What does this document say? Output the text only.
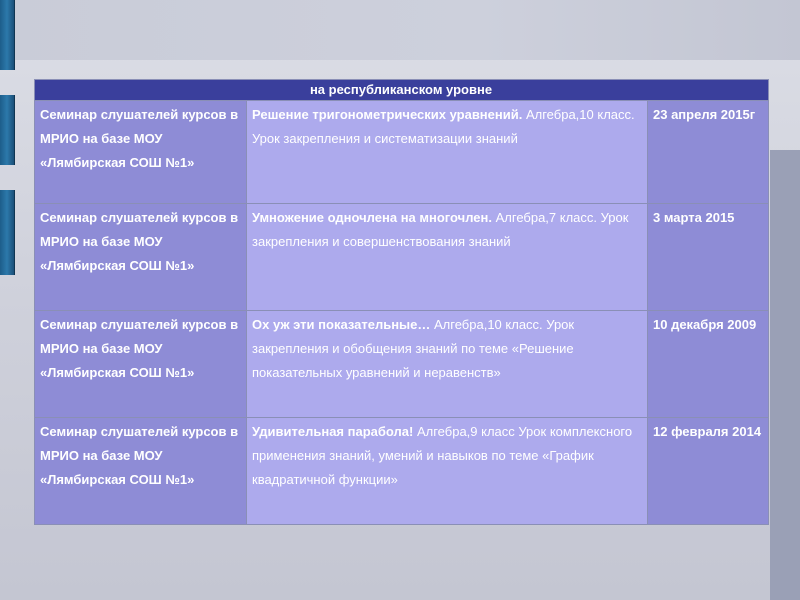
на республиканском уровне		
Семинар слушателей курсов в МРИО на базе МОУ «Лямбирская СОШ №1»	Решение тригонометрических уравнений. Алгебра,10 класс. Урок закрепления и систематизации знаний	23 апреля 2015г
Семинар слушателей курсов в МРИО на базе МОУ «Лямбирская СОШ №1»	Умножение одночлена на многочлен. Алгебра,7 класс. Урок закрепления и совершенствования знаний	3 марта 2015
Семинар слушателей курсов в МРИО на базе МОУ «Лямбирская СОШ №1»	Ох уж эти показательные… Алгебра,10 класс. Урок закрепления и обобщения знаний по теме «Решение показательных уравнений и неравенств»	10 декабря 2009
Семинар слушателей курсов в МРИО на базе МОУ «Лямбирская СОШ №1»	Удивительная парабола! Алгебра,9 класс Урок комплексного применения знаний, умений и навыков по теме «График квадратичной функции»	12 февраля 2014
